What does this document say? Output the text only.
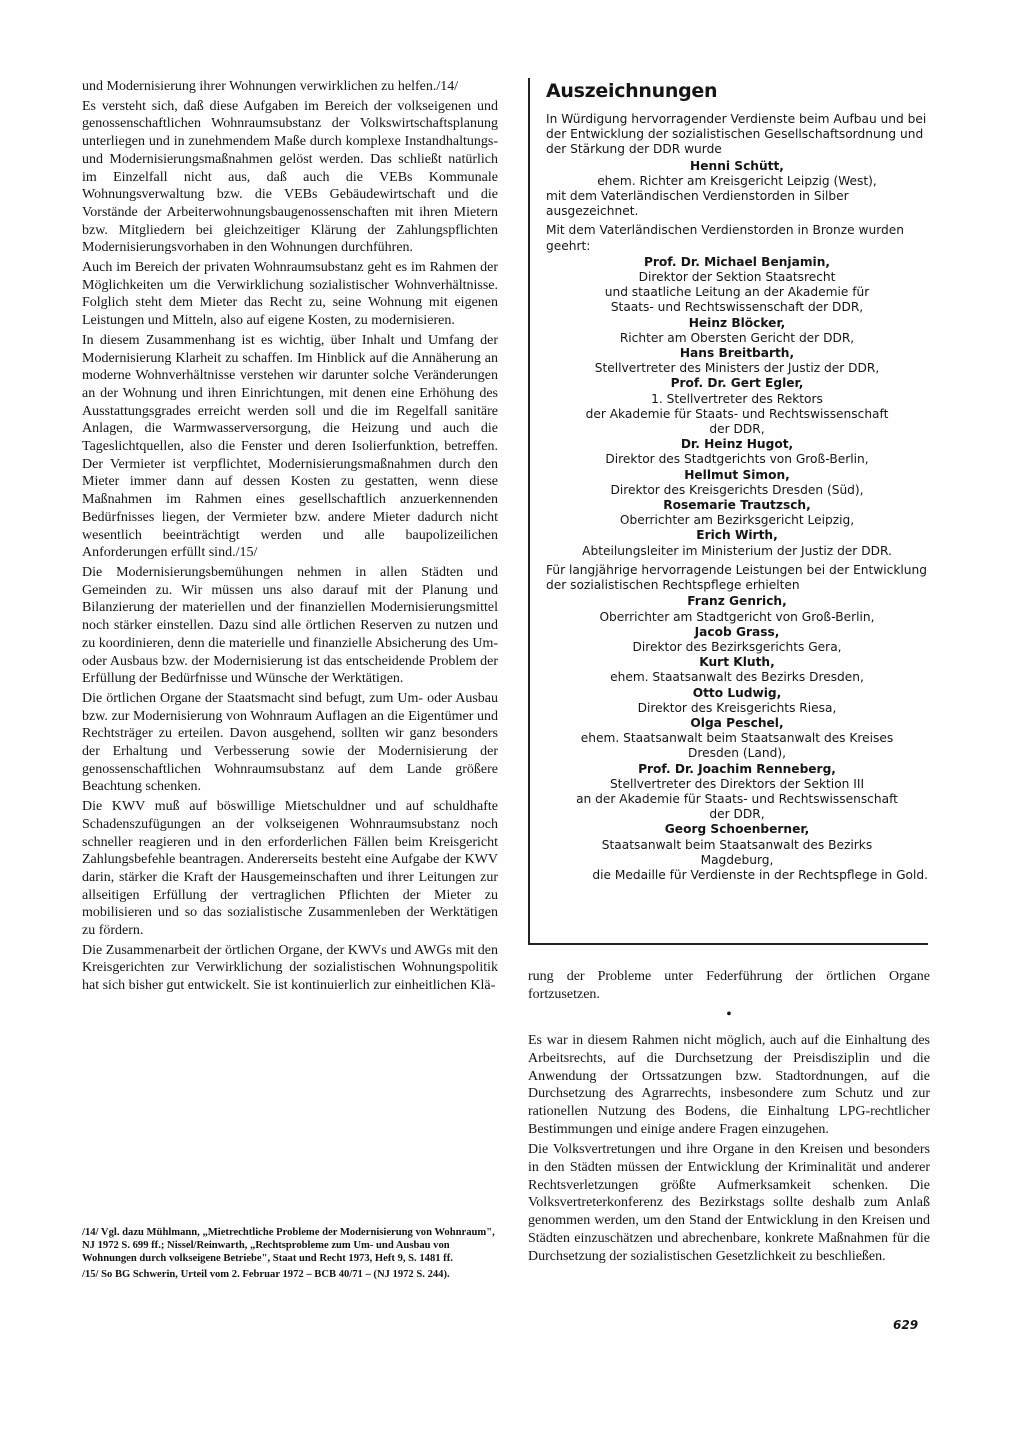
und Modernisierung ihrer Wohnungen verwirklichen zu helfen./14/

Es versteht sich, daß diese Aufgaben im Bereich der volkseigenen und genossenschaftlichen Wohnraumsubstanz der Volkswirtschaftsplanung unterliegen und in zunehmendem Maße durch komplexe Instandhaltungs- und Modernisierungsmaßnahmen gelöst werden. Das schließt natürlich im Einzelfall nicht aus, daß auch die VEBs Kommunale Wohnungsverwaltung bzw. die VEBs Gebäudewirtschaft und die Vorstände der Arbeiterwohnungsbaugenossenschaften mit ihren Mietern bzw. Mitgliedern bei gleichzeitiger Klärung der Zahlungspflichten Modernisierungsvorhaben in den Wohnungen durchführen.

Auch im Bereich der privaten Wohnraumsubstanz geht es im Rahmen der Möglichkeiten um die Verwirklichung sozialistischer Wohnverhältnisse. Folglich steht dem Mieter das Recht zu, seine Wohnung mit eigenen Leistungen und Mitteln, also auf eigene Kosten, zu modernisieren.

In diesem Zusammenhang ist es wichtig, über Inhalt und Umfang der Modernisierung Klarheit zu schaffen. Im Hinblick auf die Annäherung an moderne Wohnverhältnisse verstehen wir darunter solche Veränderungen an der Wohnung und ihren Einrichtungen, mit denen eine Erhöhung des Ausstattungsgrades erreicht werden soll und die im Regelfall sanitäre Anlagen, die Warmwasserversorgung, die Heizung und auch die Tageslichtquellen, also die Fenster und deren Isolierfunktion, betreffen. Der Vermieter ist verpflichtet, Modernisierungsmaßnahmen durch den Mieter immer dann auf dessen Kosten zu gestatten, wenn diese Maßnahmen im Rahmen eines gesellschaftlich anzuerkennenden Bedürfnisses liegen, der Vermieter bzw. andere Mieter dadurch nicht wesentlich beeinträchtigt werden und alle baupolizeilichen Anforderungen erfüllt sind./15/

Die Modernisierungsbemühungen nehmen in allen Städten und Gemeinden zu. Wir müssen uns also darauf mit der Planung und Bilanzierung der materiellen und der finanziellen Modernisierungsmittel noch stärker einstellen. Dazu sind alle örtlichen Reserven zu nutzen und zu koordinieren, denn die materielle und finanzielle Absicherung des Um- oder Ausbaus bzw. der Modernisierung ist das entscheidende Problem der Erfüllung der Bedürfnisse und Wünsche der Werktätigen.

Die örtlichen Organe der Staatsmacht sind befugt, zum Um- oder Ausbau bzw. zur Modernisierung von Wohnraum Auflagen an die Eigentümer und Rechtsträger zu erteilen. Davon ausgehend, sollten wir ganz besonders der Erhaltung und Verbesserung sowie der Modernisierung der genossenschaftlichen Wohnraumsubstanz auf dem Lande größere Beachtung schenken.

Die KWV muß auf böswillige Mietschuldner und auf schuldhafte Schadenszufügungen an der volkseigenen Wohnraumsubstanz noch schneller reagieren und in den erforderlichen Fällen beim Kreisgericht Zahlungsbefehle beantragen. Andererseits besteht eine Aufgabe der KWV darin, stärker die Kraft der Hausgemeinschaften und ihrer Leitungen zur allseitigen Erfüllung der vertraglichen Pflichten der Mieter zu mobilisieren und so das sozialistische Zusammenleben der Werktätigen zu fördern.

Die Zusammenarbeit der örtlichen Organe, der KWVs und AWGs mit den Kreisgerichten zur Verwirklichung der sozialistischen Wohnungspolitik hat sich bisher gut entwickelt. Sie ist kontinuierlich zur einheitlichen Klä-

/14/ Vgl. dazu Mühlmann, „Mietrechtliche Probleme der Modernisierung von Wohnraum", NJ 1972 S. 699 ff.; Nissel/Reinwarth, „Rechtsprobleme zum Um- und Ausbau von Wohnungen durch volkseigene Betriebe", Staat und Recht 1973, Heft 9, S. 1481 ff.

/15/ So BG Schwerin, Urteil vom 2. Februar 1972 – BCB 40/71 – (NJ 1972 S. 244).

Auszeichnungen

In Würdigung hervorragender Verdienste beim Aufbau und bei der Entwicklung der sozialistischen Gesellschaftsordnung und der Stärkung der DDR wurde

Henni Schütt,
ehem. Richter am Kreisgericht Leipzig (West),

mit dem Vaterländischen Verdienstorden in Silber ausgezeichnet.

Mit dem Vaterländischen Verdienstorden in Bronze wurden geehrt:

Prof. Dr. Michael Benjamin,
Direktor der Sektion Staatsrecht
und staatliche Leitung an der Akademie für
Staats- und Rechtswissenschaft der DDR,
Heinz Blöcker,
Richter am Obersten Gericht der DDR,
Hans Breitbarth,
Stellvertreter des Ministers der Justiz der DDR,
Prof. Dr. Gert Egler,
1. Stellvertreter des Rektors
der Akademie für Staats- und Rechtswissenschaft
der DDR,
Dr. Heinz Hugot,
Direktor des Stadtgerichts von Groß-Berlin,
Hellmut Simon,
Direktor des Kreisgerichts Dresden (Süd),
Rosemarie Trautzsch,
Oberrichter am Bezirksgericht Leipzig,
Erich Wirth,
Abteilungsleiter im Ministerium der Justiz der DDR.

Für langjährige hervorragende Leistungen bei der Entwicklung der sozialistischen Rechtspflege erhielten

Franz Genrich,
Oberrichter am Stadtgericht von Groß-Berlin,
Jacob Grass,
Direktor des Bezirksgerichts Gera,
Kurt Kluth,
ehem. Staatsanwalt des Bezirks Dresden,
Otto Ludwig,
Direktor des Kreisgerichts Riesa,
Olga Peschel,
ehem. Staatsanwalt beim Staatsanwalt des Kreises
Dresden (Land),
Prof. Dr. Joachim Renneberg,
Stellvertreter des Direktors der Sektion III
an der Akademie für Staats- und Rechtswissenschaft
der DDR,
Georg Schoenberner,
Staatsanwalt beim Staatsanwalt des Bezirks
Magdeburg,

die Medaille für Verdienste in der Rechtspflege in Gold.

rung der Probleme unter Federführung der örtlichen Organe fortzusetzen.

•

Es war in diesem Rahmen nicht möglich, auch auf die Einhaltung des Arbeitsrechts, auf die Durchsetzung der Preisdisziplin und die Anwendung der Ortssatzungen bzw. Stadtordnungen, auf die Durchsetzung des Agrarrechts, insbesondere zum Schutz und zur rationellen Nutzung des Bodens, die Einhaltung LPG-rechtlicher Bestimmungen und einige andere Fragen einzugehen.

Die Volksvertretungen und ihre Organe in den Kreisen und besonders in den Städten müssen der Entwicklung der Kriminalität und anderer Rechtsverletzungen größte Aufmerksamkeit schenken. Die Volksvertreterkonferenz des Bezirkstags sollte deshalb zum Anlaß genommen werden, um den Stand der Entwicklung in den Kreisen und Städten einzuschätzen und abrechenbare, konkrete Maßnahmen für die Durchsetzung der sozialistischen Gesetzlichkeit zu beschließen.

629
